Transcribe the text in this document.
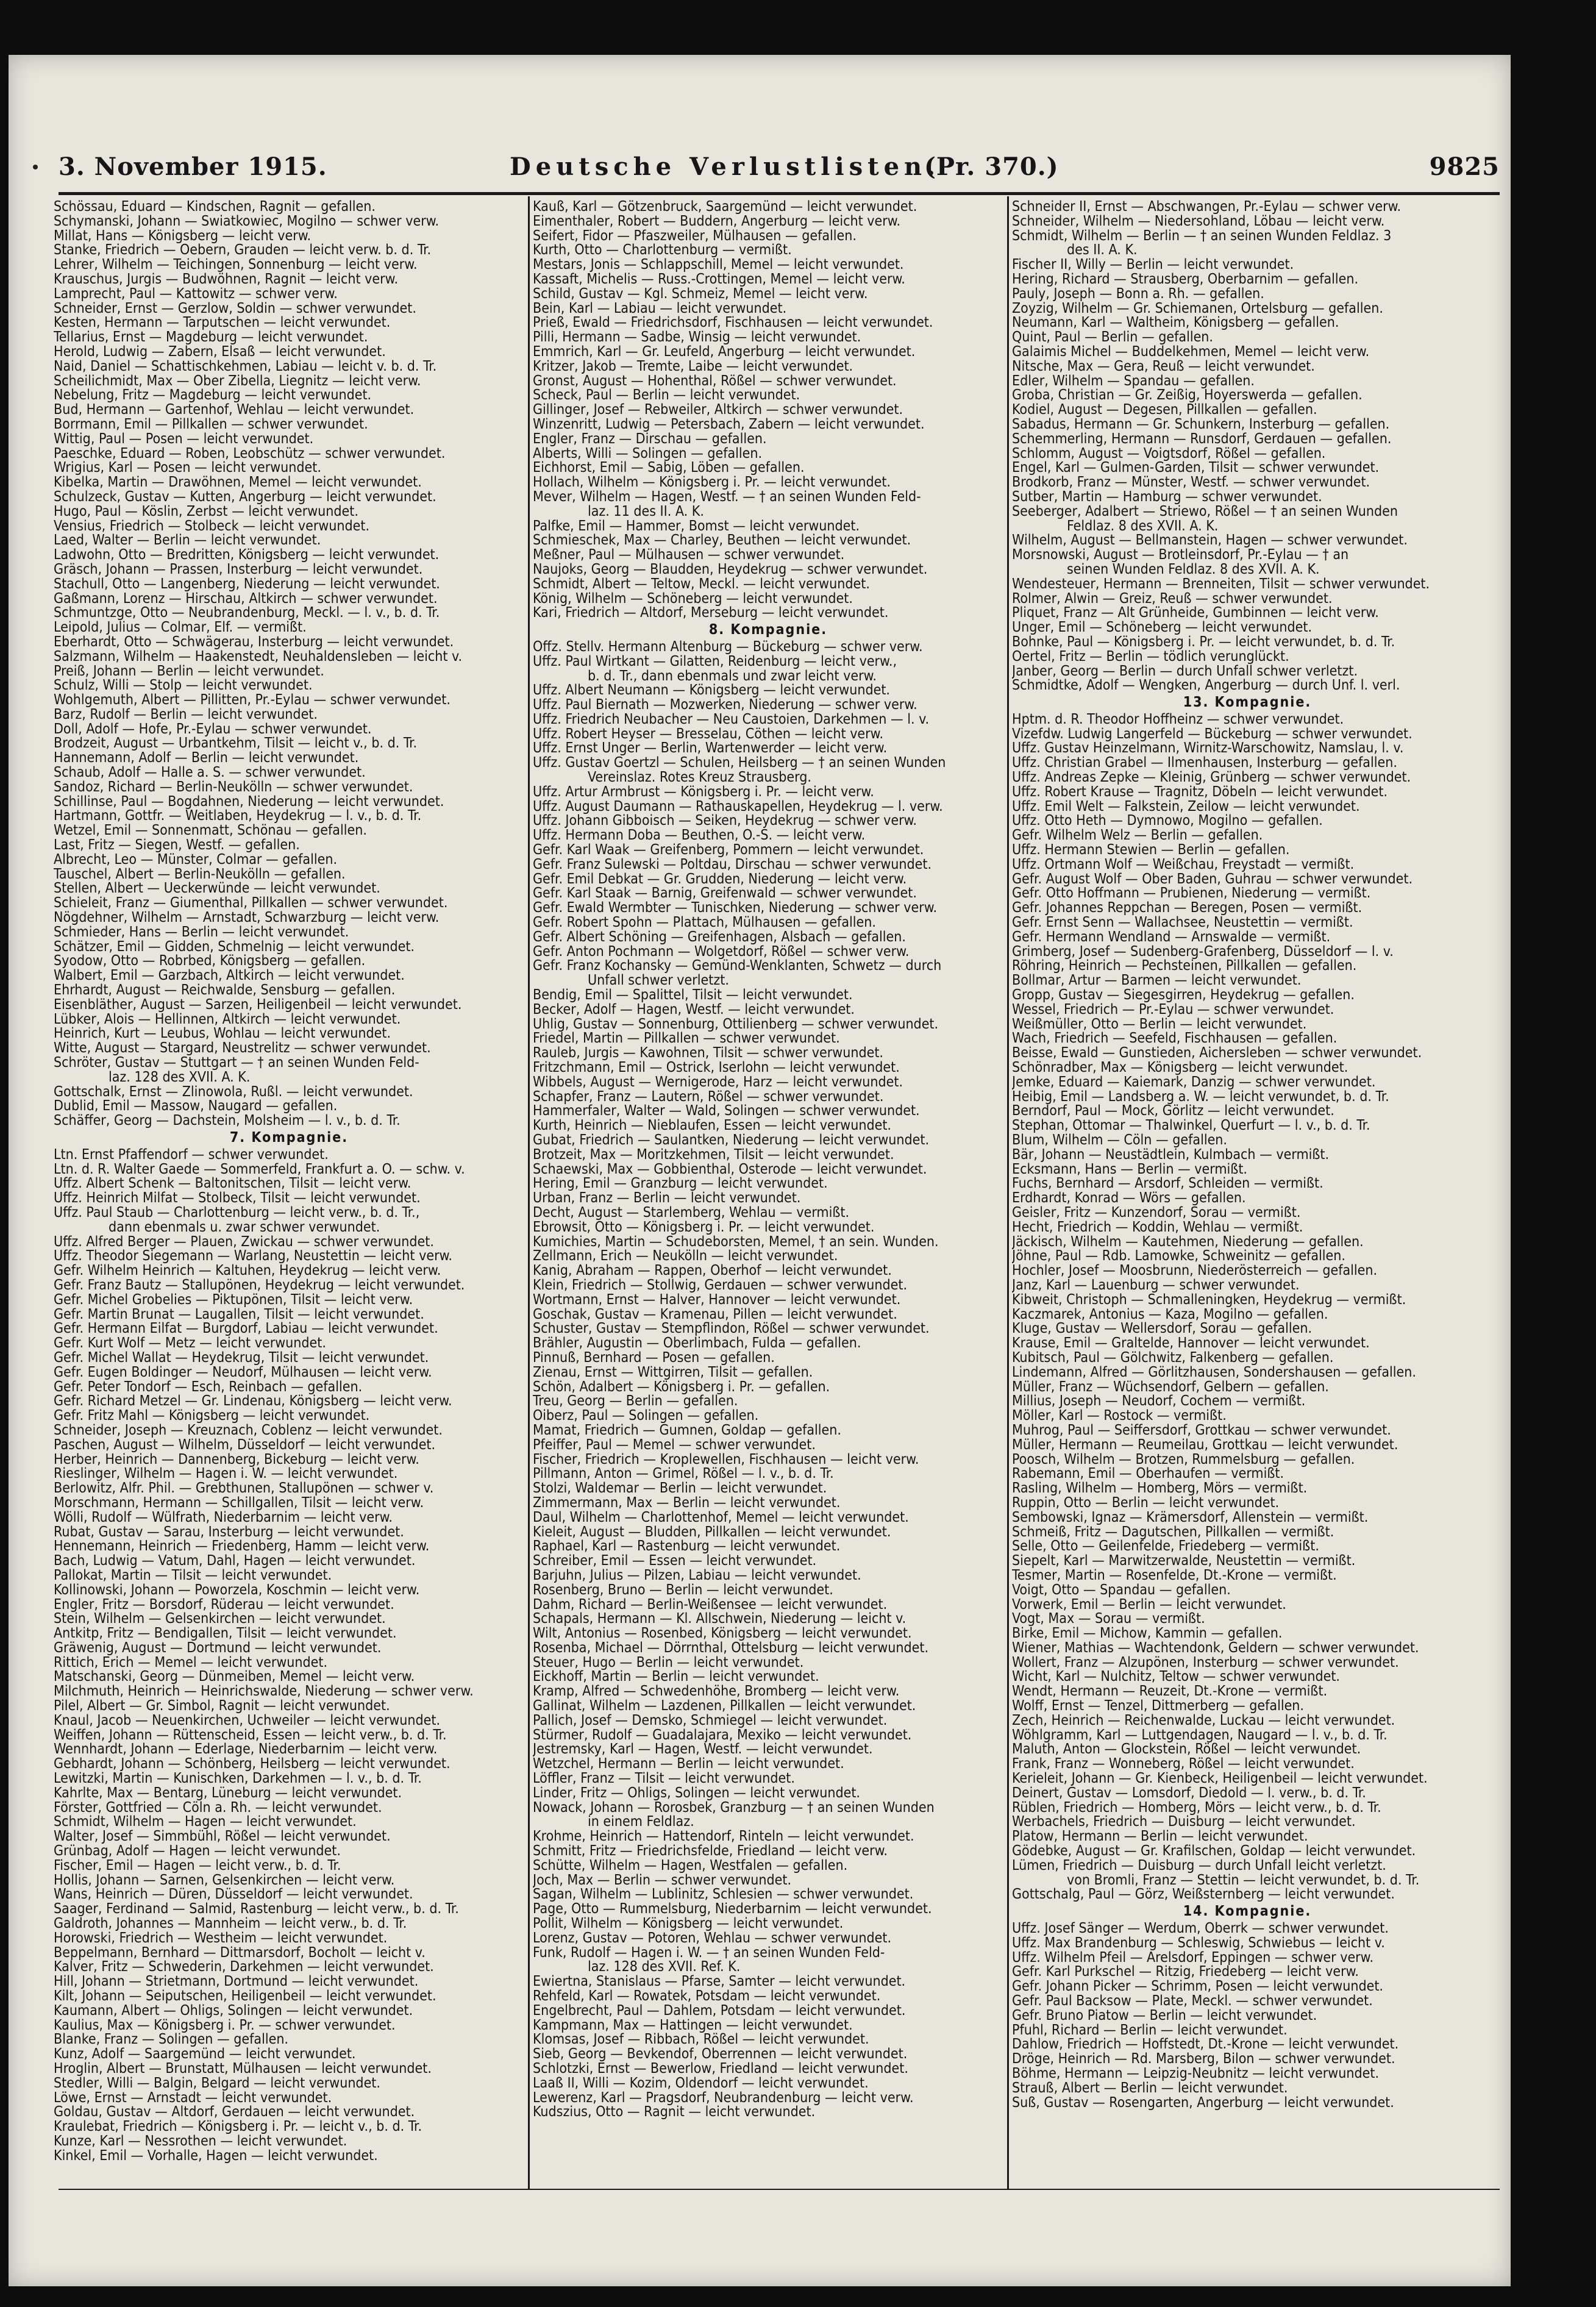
3. November 1915.	Deutsche Verlustlisten.
(Pr. 370.)	9825
Schössau, Eduard — Kindschen, Ragnit — gefallen.
Schymanski, Johann — Swiatkowiec, Mogilno — schwer verw.
Millat, Hans — Königsberg — leicht verw.
Stanke, Friedrich — Oebern, Grauden — leicht verw. b. d. Tr.
Lehrer, Wilhelm — Teichingen, Sonnenburg — leicht verw.
Krauschus, Jurgis — Budwöhnen, Ragnit — leicht verw.
Lamprecht, Paul — Kattowitz — schwer verw.
Schneider, Ernst — Gerzlow, Soldin — schwer verwundet.
Kesten, Hermann — Tarputschen — leicht verwundet.
Tellarius, Ernst — Magdeburg — leicht verwundet.
Herold, Ludwig — Zabern, Elsaß — leicht verwundet.
Naid, Daniel — Schattischkehmen, Labiau — leicht v. b. d. Tr.
Scheilichmidt, Max — Ober Zibella, Liegnitz — leicht verw.
Nebelung, Fritz — Magdeburg — leicht verwundet.
Bud, Hermann — Gartenhof, Wehlau — leicht verwundet.
Borrmann, Emil — Pillkallen — schwer verwundet.
Wittig, Paul — Posen — leicht verwundet.
Paeschke, Eduard — Roben, Leobschütz — schwer verwundet.
Wrigius, Karl — Posen — leicht verwundet.
Kibelka, Martin — Drawöhnen, Memel — leicht verwundet.
Schulzeck, Gustav — Kutten, Angerburg — leicht verwundet.
Hugo, Paul — Köslin, Zerbst — leicht verwundet.
Vensius, Friedrich — Stolbeck — leicht verwundet.
Laed, Walter — Berlin — leicht verwundet.
Ladwohn, Otto — Bredritten, Königsberg — leicht verwundet.
Gräsch, Johann — Prassen, Insterburg — leicht verwundet.
Stachull, Otto — Langenberg, Niederung — leicht verwundet.
Gaßmann, Lorenz — Hirschau, Altkirch — schwer verwundet.
Schmuntzge, Otto — Neubrandenburg, Meckl. — l. v., b. d. Tr.
Leipold, Julius — Colmar, Elf. — vermißt.
Eberhardt, Otto — Schwägerau, Insterburg — leicht verwundet.
Salzmann, Wilhelm — Haakenstedt, Neuhaldensleben — leicht v.
Preiß, Johann — Berlin — leicht verwundet.
Schulz, Willi — Stolp — leicht verwundet.
Wohlgemuth, Albert — Pillitten, Pr.-Eylau — schwer verwundet.
Barz, Rudolf — Berlin — leicht verwundet.
Doll, Adolf — Hofe, Pr.-Eylau — schwer verwundet.
Brodzeit, August — Urbantkehm, Tilsit — leicht v., b. d. Tr.
Hannemann, Adolf — Berlin — leicht verwundet.
Schaub, Adolf — Halle a. S. — schwer verwundet.
Sandoz, Richard — Berlin-Neukölln — schwer verwundet.
Schillinse, Paul — Bogdahnen, Niederung — leicht verwundet.
Hartmann, Gottfr. — Weitlaben, Heydekrug — l. v., b. d. Tr.
Wetzel, Emil — Sonnenmatt, Schönau — gefallen.
Last, Fritz — Siegen, Westf. — gefallen.
Albrecht, Leo — Münster, Colmar — gefallen.
Tauschel, Albert — Berlin-Neukölln — gefallen.
Stellen, Albert — Ueckerwünde — leicht verwundet.
Schieleit, Franz — Giumenthal, Pillkallen — schwer verwundet.
Nögdehner, Wilhelm — Arnstadt, Schwarzburg — leicht verw.
Schmieder, Hans — Berlin — leicht verwundet.
Schätzer, Emil — Gidden, Schmelnig — leicht verwundet.
Syodow, Otto — Robrbed, Königsberg — gefallen.
Walbert, Emil — Garzbach, Altkirch — leicht verwundet.
Ehrhardt, August — Reichwalde, Sensburg — gefallen.
Eisenbläther, August — Sarzen, Heiligenbeil — leicht verwundet.
Lübker, Alois — Hellinnen, Altkirch — leicht verwundet.
Heinrich, Kurt — Leubus, Wohlau — leicht verwundet.
Witte, August — Stargard, Neustrelitz — schwer verwundet.
Schröter, Gustav — Stuttgart — † an seinen Wunden Feld-
laz. 128 des XVII. A. K.
Gottschalk, Ernst — Zlinowola, Rußl. — leicht verwundet.
Dublid, Emil — Massow, Naugard — gefallen.
Schäffer, Georg — Dachstein, Molsheim — l. v., b. d. Tr.
7. Kompagnie.
Ltn. Ernst Pfaffendorf — schwer verwundet.
Ltn. d. R. Walter Gaede — Sommerfeld, Frankfurt a. O. — schw. v.
Uffz. Albert Schenk — Baltonitschen, Tilsit — leicht verw.
Uffz. Heinrich Milfat — Stolbeck, Tilsit — leicht verwundet.
Uffz. Paul Staub — Charlottenburg — leicht verw., b. d. Tr.,
dann ebenmals u. zwar schwer verwundet.
Uffz. Alfred Berger — Plauen, Zwickau — schwer verwundet.
Uffz. Theodor Siegemann — Warlang, Neustettin — leicht verw.
Gefr. Wilhelm Heinrich — Kaltuhen, Heydekrug — leicht verw.
Gefr. Franz Bautz — Stallupönen, Heydekrug — leicht verwundet.
Gefr. Michel Grobelies — Piktupönen, Tilsit — leicht verw.
Gefr. Martin Brunat — Laugallen, Tilsit — leicht verwundet.
Gefr. Hermann Eilfat — Burgdorf, Labiau — leicht verwundet.
Gefr. Kurt Wolf — Metz — leicht verwundet.
Gefr. Michel Wallat — Heydekrug, Tilsit — leicht verwundet.
Gefr. Eugen Boldinger — Neudorf, Mülhausen — leicht verw.
Gefr. Peter Tondorf — Esch, Reinbach — gefallen.
Gefr. Richard Metzel — Gr. Lindenau, Königsberg — leicht verw.
Gefr. Fritz Mahl — Königsberg — leicht verwundet.
Schneider, Joseph — Kreuznach, Coblenz — leicht verwundet.
Paschen, August — Wilhelm, Düsseldorf — leicht verwundet.
Herber, Heinrich — Dannenberg, Bickeburg — leicht verw.
Rieslinger, Wilhelm — Hagen i. W. — leicht verwundet.
Berlowitz, Alfr. Phil. — Grebthunen, Stallupönen — schwer v.
Morschmann, Hermann — Schillgallen, Tilsit — leicht verw.
Wölli, Rudolf — Wülfrath, Niederbarnim — leicht verw.
Rubat, Gustav — Sarau, Insterburg — leicht verwundet.
Hennemann, Heinrich — Friedenberg, Hamm — leicht verw.
Bach, Ludwig — Vatum, Dahl, Hagen — leicht verwundet.
Pallokat, Martin — Tilsit — leicht verwundet.
Kollinowski, Johann — Poworzela, Koschmin — leicht verw.
Engler, Fritz — Borsdorf, Rüderau — leicht verwundet.
Stein, Wilhelm — Gelsenkirchen — leicht verwundet.
Antkitp, Fritz — Bendigallen, Tilsit — leicht verwundet.
Gräwenig, August — Dortmund — leicht verwundet.
Rittich, Erich — Memel — leicht verwundet.
Matschanski, Georg — Dünmeiben, Memel — leicht verw.
Milchmuth, Heinrich — Heinrichswalde, Niederung — schwer verw.
Pilel, Albert — Gr. Simbol, Ragnit — leicht verwundet.
Knaul, Jacob — Neuenkirchen, Uchweiler — leicht verwundet.
Weiffen, Johann — Rüttenscheid, Essen — leicht verw., b. d. Tr.
Wennhardt, Johann — Ederlage, Niederbarnim — leicht verw.
Gebhardt, Johann — Schönberg, Heilsberg — leicht verwundet.
Lewitzki, Martin — Kunischken, Darkehmen — l. v., b. d. Tr.
Kahrlte, Max — Bentarg, Lüneburg — leicht verwundet.
Förster, Gottfried — Cöln a. Rh. — leicht verwundet.
Schmidt, Wilhelm — Hagen — leicht verwundet.
Walter, Josef — Simmbühl, Rößel — leicht verwundet.
Grünbag, Adolf — Hagen — leicht verwundet.
Fischer, Emil — Hagen — leicht verw., b. d. Tr.
Hollis, Johann — Sarnen, Gelsenkirchen — leicht verw.
Wans, Heinrich — Düren, Düsseldorf — leicht verwundet.
Saager, Ferdinand — Salmid, Rastenburg — leicht verw., b. d. Tr.
Galdroth, Johannes — Mannheim — leicht verw., b. d. Tr.
Horowski, Friedrich — Westheim — leicht verwundet.
Beppelmann, Bernhard — Dittmarsdorf, Bocholt — leicht v.
Kalver, Fritz — Schwederin, Darkehmen — leicht verwundet.
Hill, Johann — Strietmann, Dortmund — leicht verwundet.
Kilt, Johann — Seiputschen, Heiligenbeil — leicht verwundet.
Kaumann, Albert — Ohligs, Solingen — leicht verwundet.
Kaulius, Max — Königsberg i. Pr. — schwer verwundet.
Blanke, Franz — Solingen — gefallen.
Kunz, Adolf — Saargemünd — leicht verwundet.
Hroglin, Albert — Brunstatt, Mülhausen — leicht verwundet.
Stedler, Willi — Balgin, Belgard — leicht verwundet.
Löwe, Ernst — Arnstadt — leicht verwundet.
Goldau, Gustav — Altdorf, Gerdauen — leicht verwundet.
Kraulebat, Friedrich — Königsberg i. Pr. — leicht v., b. d. Tr.
Kunze, Karl — Nessrothen — leicht verwundet.
Kinkel, Emil — Vorhalle, Hagen — leicht verwundet.
Kauß, Karl — Götzenbruck, Saargemünd — leicht verwundet.
Eimenthaler, Robert — Buddern, Angerburg — leicht verw.
Seifert, Fidor — Pfaszweiler, Mülhausen — gefallen.
Kurth, Otto — Charlottenburg — vermißt.
Mestars, Jonis — Schlappschill, Memel — leicht verwundet.
Kassaft, Michelis — Russ.-Crottingen, Memel — leicht verw.
Schild, Gustav — Kgl. Schmeiz, Memel — leicht verw.
Bein, Karl — Labiau — leicht verwundet.
Prieß, Ewald — Friedrichsdorf, Fischhausen — leicht verwundet.
Pilli, Hermann — Sadbe, Winsig — leicht verwundet.
Emmrich, Karl — Gr. Leufeld, Angerburg — leicht verwundet.
Kritzer, Jakob — Tremte, Laibe — leicht verwundet.
Gronst, August — Hohenthal, Rößel — schwer verwundet.
Scheck, Paul — Berlin — leicht verwundet.
Gillinger, Josef — Rebweiler, Altkirch — schwer verwundet.
Winzenritt, Ludwig — Petersbach, Zabern — leicht verwundet.
Engler, Franz — Dirschau — gefallen.
Alberts, Willi — Solingen — gefallen.
Eichhorst, Emil — Sabig, Löben — gefallen.
Hollach, Wilhelm — Königsberg i. Pr. — leicht verwundet.
Mever, Wilhelm — Hagen, Westf. — † an seinen Wunden Feld-
laz. 11 des II. A. K.
Palfke, Emil — Hammer, Bomst — leicht verwundet.
Schmieschek, Max — Charley, Beuthen — leicht verwundet.
Meßner, Paul — Mülhausen — schwer verwundet.
Naujoks, Georg — Blaudden, Heydekrug — schwer verwundet.
Schmidt, Albert — Teltow, Meckl. — leicht verwundet.
König, Wilhelm — Schöneberg — leicht verwundet.
Kari, Friedrich — Altdorf, Merseburg — leicht verwundet.
8. Kompagnie.
Offz. Stellv. Hermann Altenburg — Bückeburg — schwer verw.
Uffz. Paul Wirtkant — Gilatten, Reidenburg — leicht verw.,
b. d. Tr., dann ebenmals und zwar leicht verw.
Uffz. Albert Neumann — Königsberg — leicht verwundet.
Uffz. Paul Biernath — Mozwerken, Niederung — schwer verw.
Uffz. Friedrich Neubacher — Neu Caustoien, Darkehmen — l. v.
Uffz. Robert Heyser — Bresselau, Cöthen — leicht verw.
Uffz. Ernst Unger — Berlin, Wartenwerder — leicht verw.
Uffz. Gustav Goertzl — Schulen, Heilsberg — † an seinen Wunden
Vereinslaz. Rotes Kreuz Strausberg.
Uffz. Artur Armbrust — Königsberg i. Pr. — leicht verw.
Uffz. August Daumann — Rathauskapellen, Heydekrug — l. verw.
Uffz. Johann Gibboisch — Seiken, Heydekrug — schwer verw.
Uffz. Hermann Doba — Beuthen, O.-S. — leicht verw.
Gefr. Karl Waak — Greifenberg, Pommern — leicht verwundet.
Gefr. Franz Sulewski — Poltdau, Dirschau — schwer verwundet.
Gefr. Emil Debkat — Gr. Grudden, Niederung — leicht verw.
Gefr. Karl Staak — Barnig, Greifenwald — schwer verwundet.
Gefr. Ewald Wermbter — Tunischken, Niederung — schwer verw.
Gefr. Robert Spohn — Plattach, Mülhausen — gefallen.
Gefr. Albert Schöning — Greifenhagen, Alsbach — gefallen.
Gefr. Anton Pochmann — Wolgetdorf, Rößel — schwer verw.
Gefr. Franz Kochansky — Gemünd-Wenklanten, Schwetz — durch
Unfall schwer verletzt.
Bendig, Emil — Spalittel, Tilsit — leicht verwundet.
Becker, Adolf — Hagen, Westf. — leicht verwundet.
Uhlig, Gustav — Sonnenburg, Ottilienberg — schwer verwundet.
Friedel, Martin — Pillkallen — schwer verwundet.
Rauleb, Jurgis — Kawohnen, Tilsit — schwer verwundet.
Fritzchmann, Emil — Ostrick, Iserlohn — leicht verwundet.
Wibbels, August — Wernigerode, Harz — leicht verwundet.
Schapfer, Franz — Lautern, Rößel — schwer verwundet.
Hammerfaler, Walter — Wald, Solingen — schwer verwundet.
Kurth, Heinrich — Nieblaufen, Essen — leicht verwundet.
Gubat, Friedrich — Saulantken, Niederung — leicht verwundet.
Brotzeit, Max — Moritzkehmen, Tilsit — leicht verwundet.
Schaewski, Max — Gobbienthal, Osterode — leicht verwundet.
Hering, Emil — Granzburg — leicht verwundet.
Urban, Franz — Berlin — leicht verwundet.
Decht, August — Starlemberg, Wehlau — vermißt.
Ebrowsit, Otto — Königsberg i. Pr. — leicht verwundet.
Kumichies, Martin — Schudeborsten, Memel, † an sein. Wunden.
Zellmann, Erich — Neukölln — leicht verwundet.
Kanig, Abraham — Rappen, Oberhof — leicht verwundet.
Klein, Friedrich — Stollwig, Gerdauen — schwer verwundet.
Wortmann, Ernst — Halver, Hannover — leicht verwundet.
Goschak, Gustav — Kramenau, Pillen — leicht verwundet.
Schuster, Gustav — Stempflindon, Rößel — schwer verwundet.
Brähler, Augustin — Oberlimbach, Fulda — gefallen.
Pinnuß, Bernhard — Posen — gefallen.
Zienau, Ernst — Wittgirren, Tilsit — gefallen.
Schön, Adalbert — Königsberg i. Pr. — gefallen.
Treu, Georg — Berlin — gefallen.
Oiberz, Paul — Solingen — gefallen.
Mamat, Friedrich — Gumnen, Goldap — gefallen.
Pfeiffer, Paul — Memel — schwer verwundet.
Fischer, Friedrich — Kroplewellen, Fischhausen — leicht verw.
Pillmann, Anton — Grimel, Rößel — l. v., b. d. Tr.
Stolzi, Waldemar — Berlin — leicht verwundet.
Zimmermann, Max — Berlin — leicht verwundet.
Daul, Wilhelm — Charlottenhof, Memel — leicht verwundet.
Kieleit, August — Bludden, Pillkallen — leicht verwundet.
Raphael, Karl — Rastenburg — leicht verwundet.
Schreiber, Emil — Essen — leicht verwundet.
Barjuhn, Julius — Pilzen, Labiau — leicht verwundet.
Rosenberg, Bruno — Berlin — leicht verwundet.
Dahm, Richard — Berlin-Weißensee — leicht verwundet.
Schapals, Hermann — Kl. Allschwein, Niederung — leicht v.
Wilt, Antonius — Rosenbed, Königsberg — leicht verwundet.
Rosenba, Michael — Dörrnthal, Ottelsburg — leicht verwundet.
Steuer, Hugo — Berlin — leicht verwundet.
Eickhoff, Martin — Berlin — leicht verwundet.
Kramp, Alfred — Schwedenhöhe, Bromberg — leicht verw.
Gallinat, Wilhelm — Lazdenen, Pillkallen — leicht verwundet.
Pallich, Josef — Demsko, Schmiegel — leicht verwundet.
Stürmer, Rudolf — Guadalajara, Mexiko — leicht verwundet.
Jestremsky, Karl — Hagen, Westf. — leicht verwundet.
Wetzchel, Hermann — Berlin — leicht verwundet.
Löffler, Franz — Tilsit — leicht verwundet.
Linder, Fritz — Ohligs, Solingen — leicht verwundet.
Nowack, Johann — Rorosbek, Granzburg — † an seinen Wunden
in einem Feldlaz.
Krohme, Heinrich — Hattendorf, Rinteln — leicht verwundet.
Schmitt, Fritz — Friedrichsfelde, Friedland — leicht verw.
Schütte, Wilhelm — Hagen, Westfalen — gefallen.
Joch, Max — Berlin — schwer verwundet.
Sagan, Wilhelm — Lublinitz, Schlesien — schwer verwundet.
Page, Otto — Rummelsburg, Niederbarnim — leicht verwundet.
Pollit, Wilhelm — Königsberg — leicht verwundet.
Lorenz, Gustav — Potoren, Wehlau — schwer verwundet.
Funk, Rudolf — Hagen i. W. — † an seinen Wunden Feld-
laz. 128 des XVII. Ref. K.
Ewiertna, Stanislaus — Pfarse, Samter — leicht verwundet.
Rehfeld, Karl — Rowatek, Potsdam — leicht verwundet.
Engelbrecht, Paul — Dahlem, Potsdam — leicht verwundet.
Kampmann, Max — Hattingen — leicht verwundet.
Klomsas, Josef — Ribbach, Rößel — leicht verwundet.
Sieb, Georg — Bevkendof, Oberrennen — leicht verwundet.
Schlotzki, Ernst — Bewerlow, Friedland — leicht verwundet.
Laaß II, Willi — Kozim, Oldendorf — leicht verwundet.
Lewerenz, Karl — Pragsdorf, Neubrandenburg — leicht verw.
Kudszius, Otto — Ragnit — leicht verwundet.
Schneider II, Ernst — Abschwangen, Pr.-Eylau — schwer verw.
Schneider, Wilhelm — Niedersohland, Löbau — leicht verw.
Schmidt, Wilhelm — Berlin — † an seinen Wunden Feldlaz. 3
des II. A. K.
Fischer II, Willy — Berlin — leicht verwundet.
Hering, Richard — Strausberg, Oberbarnim — gefallen.
Pauly, Joseph — Bonn a. Rh. — gefallen.
Zoyzig, Wilhelm — Gr. Schiemanen, Ortelsburg — gefallen.
Neumann, Karl — Waltheim, Königsberg — gefallen.
Quint, Paul — Berlin — gefallen.
Galaimis Michel — Buddelkehmen, Memel — leicht verw.
Nitsche, Max — Gera, Reuß — leicht verwundet.
Edler, Wilhelm — Spandau — gefallen.
Groba, Christian — Gr. Zeißig, Hoyerswerda — gefallen.
Kodiel, August — Degesen, Pillkallen — gefallen.
Sabadus, Hermann — Gr. Schunkern, Insterburg — gefallen.
Schemmerling, Hermann — Runsdorf, Gerdauen — gefallen.
Schlomm, August — Voigtsdorf, Rößel — gefallen.
Engel, Karl — Gulmen-Garden, Tilsit — schwer verwundet.
Brodkorb, Franz — Münster, Westf. — schwer verwundet.
Sutber, Martin — Hamburg — schwer verwundet.
Seeberger, Adalbert — Striewo, Rößel — † an seinen Wunden
Feldlaz. 8 des XVII. A. K.
Wilhelm, August — Bellmanstein, Hagen — schwer verwundet.
Morsnowski, August — Brotleinsdorf, Pr.-Eylau — † an
seinen Wunden Feldlaz. 8 des XVII. A. K.
Wendesteuer, Hermann — Brenneiten, Tilsit — schwer verwundet.
Rolmer, Alwin — Greiz, Reuß — schwer verwundet.
Pliquet, Franz — Alt Grünheide, Gumbinnen — leicht verw.
Unger, Emil — Schöneberg — leicht verwundet.
Bohnke, Paul — Königsberg i. Pr. — leicht verwundet, b. d. Tr.
Oertel, Fritz — Berlin — tödlich verunglückt.
Janber, Georg — Berlin — durch Unfall schwer verletzt.
Schmidtke, Adolf — Wengken, Angerburg — durch Unf. l. verl.
13. Kompagnie.
Hptm. d. R. Theodor Hoffheinz — schwer verwundet.
Vizefdw. Ludwig Langerfeld — Bückeburg — schwer verwundet.
Uffz. Gustav Heinzelmann, Wirnitz-Warschowitz, Namslau, l. v.
Uffz. Christian Grabel — Ilmenhausen, Insterburg — gefallen.
Uffz. Andreas Zepke — Kleinig, Grünberg — schwer verwundet.
Uffz. Robert Krause — Tragnitz, Döbeln — leicht verwundet.
Uffz. Emil Welt — Falkstein, Zeilow — leicht verwundet.
Uffz. Otto Heth — Dymnowo, Mogilno — gefallen.
Gefr. Wilhelm Welz — Berlin — gefallen.
Uffz. Hermann Stewien — Berlin — gefallen.
Uffz. Ortmann Wolf — Weißchau, Freystadt — vermißt.
Gefr. August Wolf — Ober Baden, Guhrau — schwer verwundet.
Gefr. Otto Hoffmann — Prubienen, Niederung — vermißt.
Gefr. Johannes Reppchan — Beregen, Posen — vermißt.
Gefr. Ernst Senn — Wallachsee, Neustettin — vermißt.
Gefr. Hermann Wendland — Arnswalde — vermißt.
Grimberg, Josef — Sudenberg-Grafenberg, Düsseldorf — l. v.
Röhring, Heinrich — Pechsteinen, Pillkallen — gefallen.
Bollmar, Artur — Barmen — leicht verwundet.
Gropp, Gustav — Siegesgirren, Heydekrug — gefallen.
Wessel, Friedrich — Pr.-Eylau — schwer verwundet.
Weißmüller, Otto — Berlin — leicht verwundet.
Wach, Friedrich — Seefeld, Fischhausen — gefallen.
Beisse, Ewald — Gunstieden, Aichersleben — schwer verwundet.
Schönradber, Max — Königsberg — leicht verwundet.
Jemke, Eduard — Kaiemark, Danzig — schwer verwundet.
Heibig, Emil — Landsberg a. W. — leicht verwundet, b. d. Tr.
Berndorf, Paul — Mock, Görlitz — leicht verwundet.
Stephan, Ottomar — Thalwinkel, Querfurt — l. v., b. d. Tr.
Blum, Wilhelm — Cöln — gefallen.
Bär, Johann — Neustädtlein, Kulmbach — vermißt.
Ecksmann, Hans — Berlin — vermißt.
Fuchs, Bernhard — Arsdorf, Schleiden — vermißt.
Erdhardt, Konrad — Wörs — gefallen.
Geisler, Fritz — Kunzendorf, Sorau — vermißt.
Hecht, Friedrich — Koddin, Wehlau — vermißt.
Jäckisch, Wilhelm — Kautehmen, Niederung — gefallen.
Jöhne, Paul — Rdb. Lamowke, Schweinitz — gefallen.
Hochler, Josef — Moosbrunn, Niederösterreich — gefallen.
Janz, Karl — Lauenburg — schwer verwundet.
Kibweit, Christoph — Schmalleningken, Heydekrug — vermißt.
Kaczmarek, Antonius — Kaza, Mogilno — gefallen.
Kluge, Gustav — Wellersdorf, Sorau — gefallen.
Krause, Emil — Graltelde, Hannover — leicht verwundet.
Kubitsch, Paul — Gölchwitz, Falkenberg — gefallen.
Lindemann, Alfred — Görlitzhausen, Sondershausen — gefallen.
Müller, Franz — Wüchsendorf, Gelbern — gefallen.
Millius, Joseph — Neudorf, Cochem — vermißt.
Möller, Karl — Rostock — vermißt.
Muhrog, Paul — Seiffersdorf, Grottkau — schwer verwundet.
Müller, Hermann — Reumeilau, Grottkau — leicht verwundet.
Poosch, Wilhelm — Brotzen, Rummelsburg — gefallen.
Rabemann, Emil — Oberhaufen — vermißt.
Rasling, Wilhelm — Homberg, Mörs — vermißt.
Ruppin, Otto — Berlin — leicht verwundet.
Sembowski, Ignaz — Krämersdorf, Allenstein — vermißt.
Schmeiß, Fritz — Dagutschen, Pillkallen — vermißt.
Selle, Otto — Geilenfelde, Friedeberg — vermißt.
Siepelt, Karl — Marwitzerwalde, Neustettin — vermißt.
Tesmer, Martin — Rosenfelde, Dt.-Krone — vermißt.
Voigt, Otto — Spandau — gefallen.
Vorwerk, Emil — Berlin — leicht verwundet.
Vogt, Max — Sorau — vermißt.
Birke, Emil — Michow, Kammin — gefallen.
Wiener, Mathias — Wachtendonk, Geldern — schwer verwundet.
Wollert, Franz — Alzupönen, Insterburg — schwer verwundet.
Wicht, Karl — Nulchitz, Teltow — schwer verwundet.
Wendt, Hermann — Reuzeit, Dt.-Krone — vermißt.
Wolff, Ernst — Tenzel, Dittmerberg — gefallen.
Zech, Heinrich — Reichenwalde, Luckau — leicht verwundet.
Wöhlgramm, Karl — Luttgendagen, Naugard — l. v., b. d. Tr.
Maluth, Anton — Glockstein, Rößel — leicht verwundet.
Frank, Franz — Wonneberg, Rößel — leicht verwundet.
Kerieleit, Johann — Gr. Kienbeck, Heiligenbeil — leicht verwundet.
Deinert, Gustav — Lomsdorf, Diedold — l. verw., b. d. Tr.
Rüblen, Friedrich — Homberg, Mörs — leicht verw., b. d. Tr.
Werbachels, Friedrich — Duisburg — leicht verwundet.
Platow, Hermann — Berlin — leicht verwundet.
Gödebke, August — Gr. Krafilschen, Goldap — leicht verwundet.
Lümen, Friedrich — Duisburg — durch Unfall leicht verletzt.
von Bromli, Franz — Stettin — leicht verwundet, b. d. Tr.
Gottschalg, Paul — Görz, Weißsternberg — leicht verwundet.
14. Kompagnie.
Uffz. Josef Sänger — Werdum, Oberrk — schwer verwundet.
Uffz. Max Brandenburg — Schleswig, Schwiebus — leicht v.
Uffz. Wilhelm Pfeil — Arelsdorf, Eppingen — schwer verw.
Gefr. Karl Purkschel — Ritzig, Friedeberg — leicht verw.
Gefr. Johann Picker — Schrimm, Posen — leicht verwundet.
Gefr. Paul Backsow — Plate, Meckl. — schwer verwundet.
Gefr. Bruno Piatow — Berlin — leicht verwundet.
Pfuhl, Richard — Berlin — leicht verwundet.
Dahlow, Friedrich — Hoffstedt, Dt.-Krone — leicht verwundet.
Dröge, Heinrich — Rd. Marsberg, Bilon — schwer verwundet.
Böhme, Hermann — Leipzig-Neubnitz — leicht verwundet.
Strauß, Albert — Berlin — leicht verwundet.
Suß, Gustav — Rosengarten, Angerburg — leicht verwundet.
